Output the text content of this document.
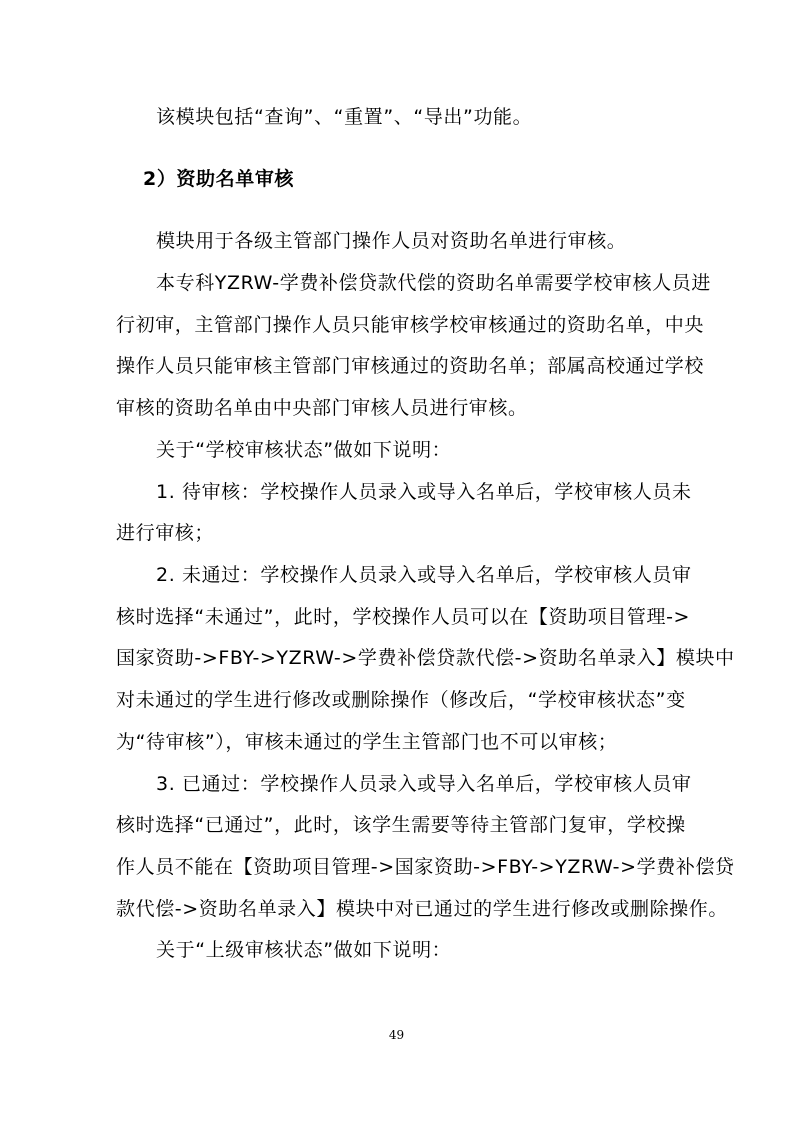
该模块包括“查询”、“重置”、“导出”功能。
2）资助名单审核
模块用于各级主管部门操作人员对资助名单进行审核。
本专科YZRW-学费补偿贷款代偿的资助名单需要学校审核人员进
行初审，主管部门操作人员只能审核学校审核通过的资助名单，中央
操作人员只能审核主管部门审核通过的资助名单；部属高校通过学校
审核的资助名单由中央部门审核人员进行审核。
关于“学校审核状态”做如下说明：
1. 待审核：学校操作人员录入或导入名单后，学校审核人员未
进行审核；
2. 未通过：学校操作人员录入或导入名单后，学校审核人员审
核时选择“未通过”，此时，学校操作人员可以在【资助项目管理->
国家资助->FBY->YZRW->学费补偿贷款代偿->资助名单录入】模块中
对未通过的学生进行修改或删除操作（修改后，“学校审核状态”变
为“待审核”），审核未通过的学生主管部门也不可以审核；
3. 已通过：学校操作人员录入或导入名单后，学校审核人员审
核时选择“已通过”，此时，该学生需要等待主管部门复审，学校操
作人员不能在【资助项目管理->国家资助->FBY->YZRW->学费补偿贷
款代偿->资助名单录入】模块中对已通过的学生进行修改或删除操作。
关于“上级审核状态”做如下说明：
49
